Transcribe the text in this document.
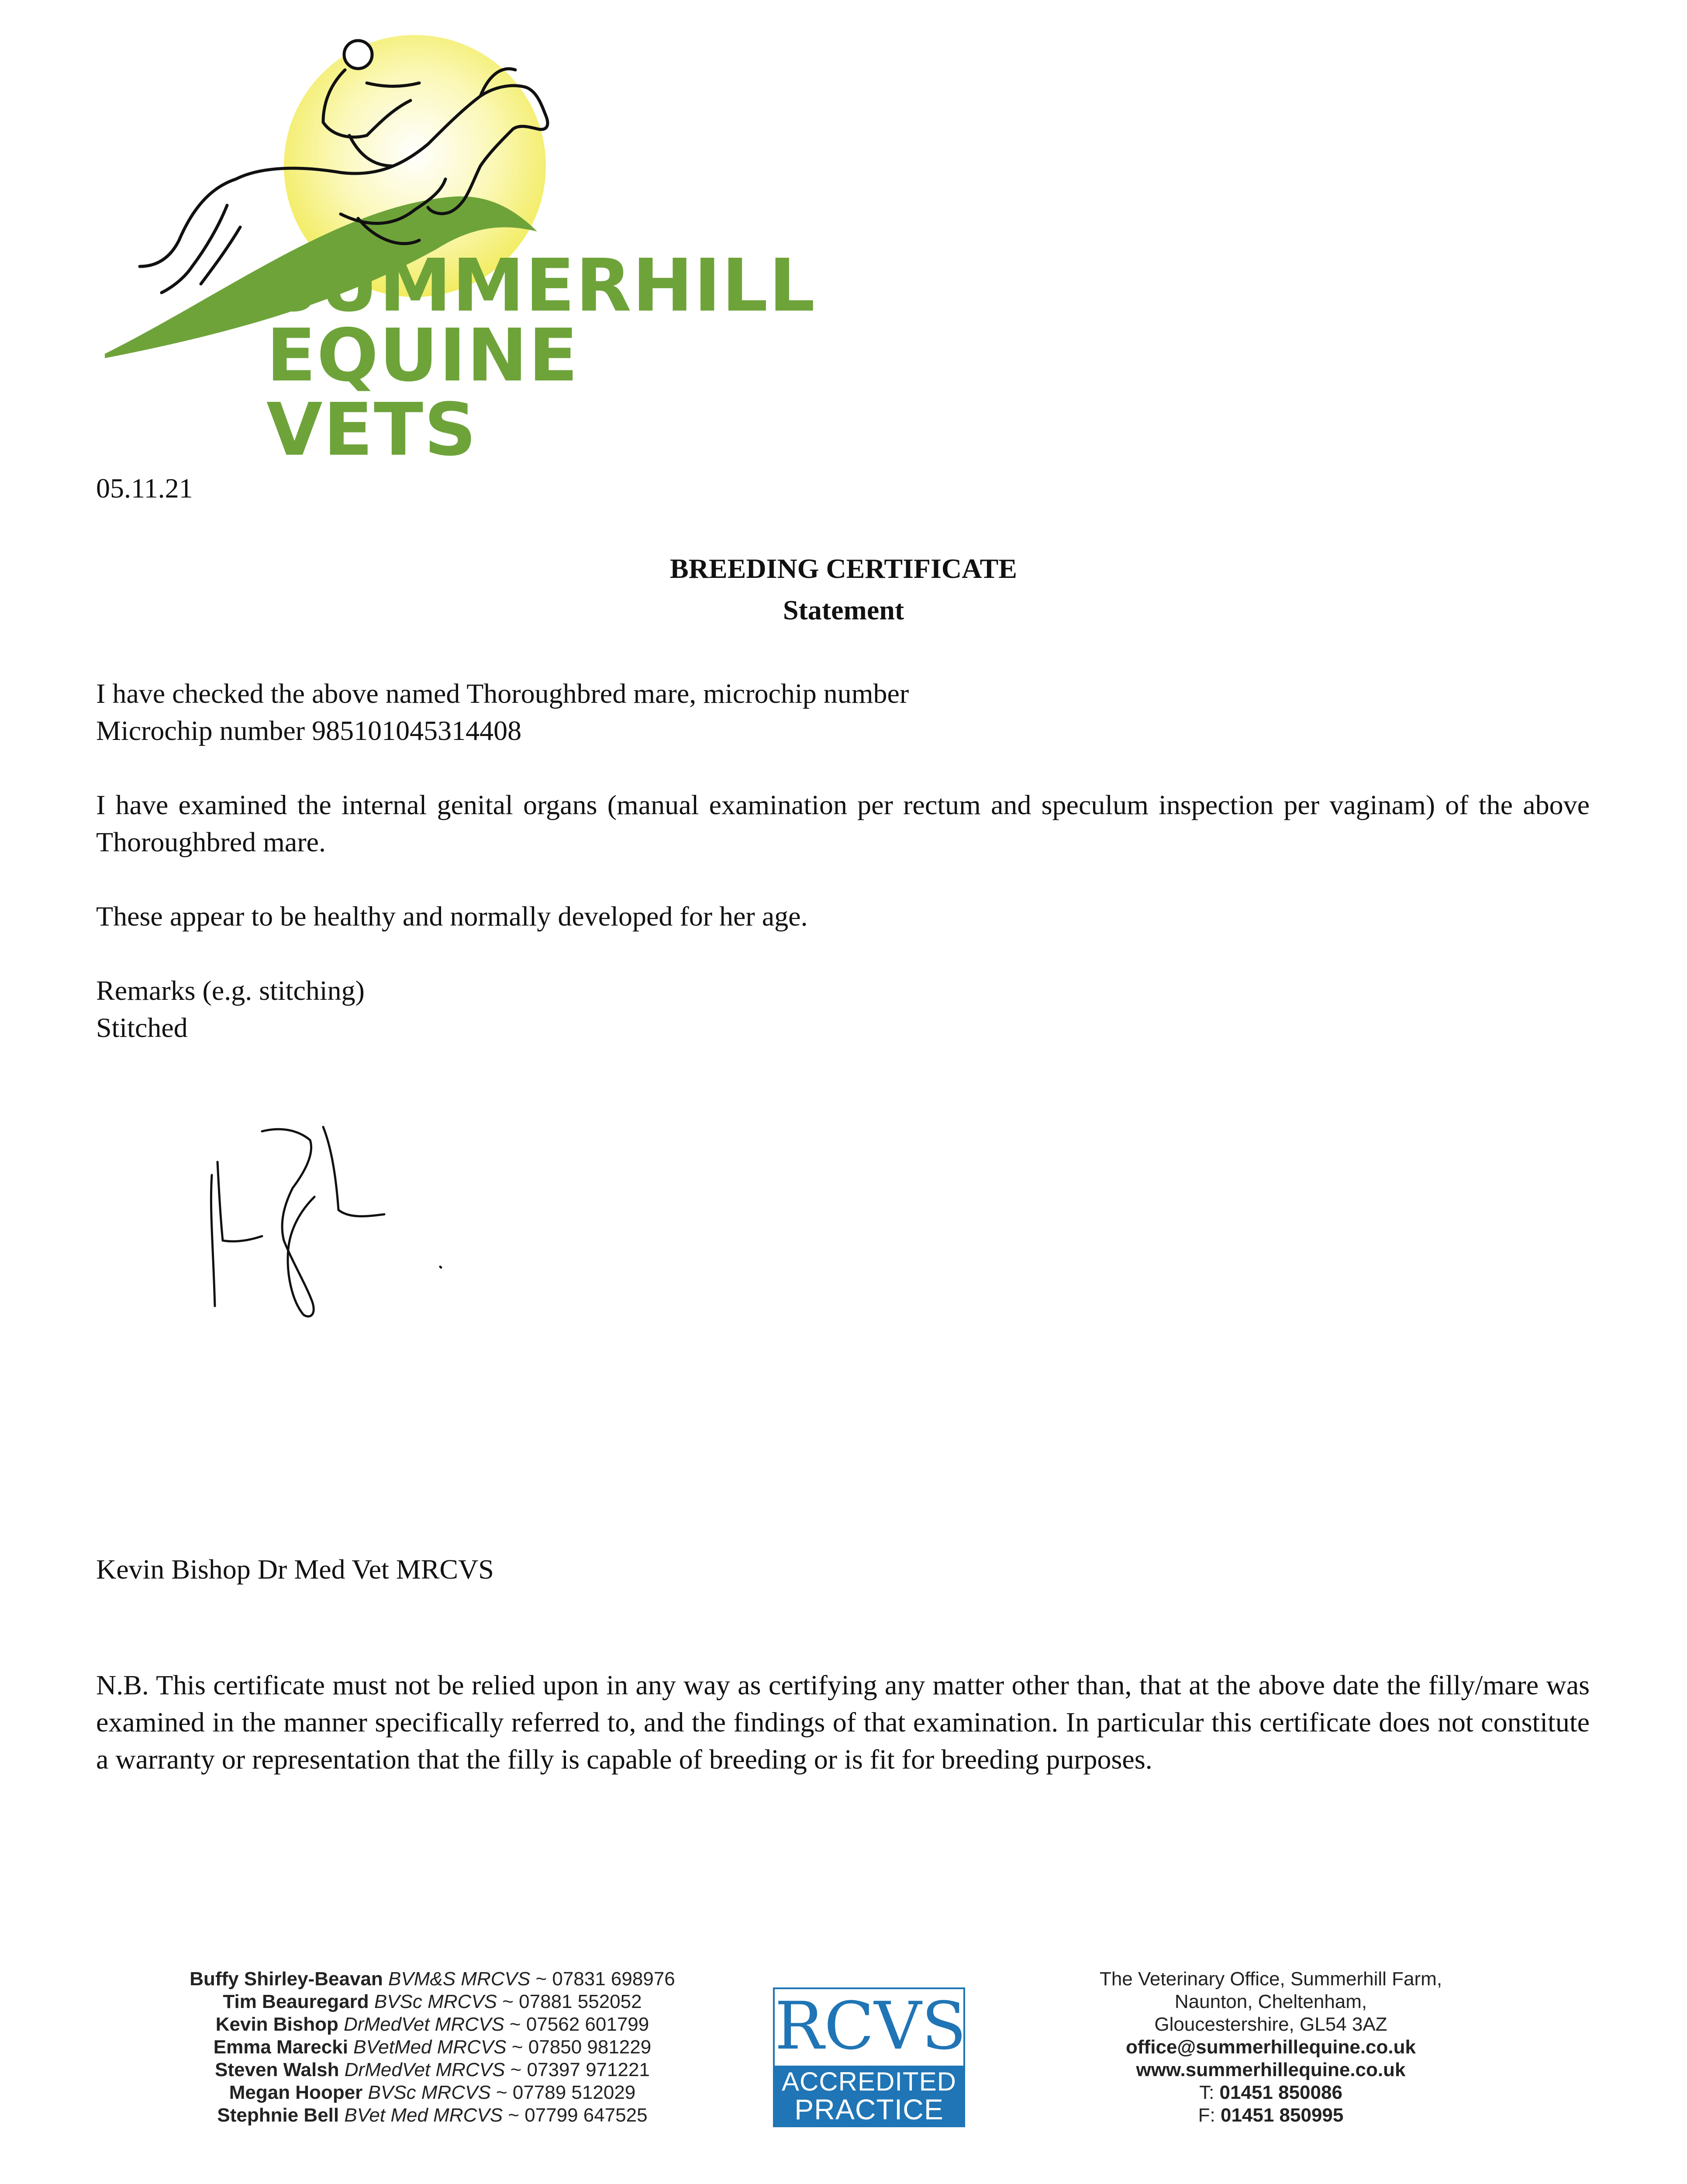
SUMMERHILL
EQUINE VETS
05.11.21
BREEDING CERTIFICATE
Statement
I have checked the above named Thoroughbred mare, microchip number
Microchip number 985101045314408
I have examined the internal genital organs (manual examination per rectum and speculum inspection per vaginam) of the above Thoroughbred mare.
These appear to be healthy and normally developed for her age.
Remarks (e.g. stitching)
Stitched
Kevin Bishop Dr Med Vet MRCVS
N.B. This certificate must not be relied upon in any way as certifying any matter other than, that at the above date the filly/mare was examined in the manner specifically referred to, and the findings of that examination. In particular this certificate does not constitute a warranty or representation that the filly is capable of breeding or is fit for breeding purposes.
Buffy Shirley-Beavan BVM&S MRCVS ~ 07831 698976
Tim Beauregard BVSc MRCVS ~ 07881 552052
Kevin Bishop DrMedVet MRCVS ~ 07562 601799
Emma Marecki BVetMed MRCVS ~ 07850 981229
Steven Walsh DrMedVet MRCVS ~ 07397 971221
Megan Hooper BVSc MRCVS ~ 07789 512029
Stephnie Bell BVet Med MRCVS ~ 07799 647525
RCVS
ACCREDITED
PRACTICE
The Veterinary Office, Summerhill Farm,
Naunton, Cheltenham,
Gloucestershire, GL54 3AZ
office@summerhillequine.co.uk
www.summerhillequine.co.uk
T: 01451 850086
F: 01451 850995
